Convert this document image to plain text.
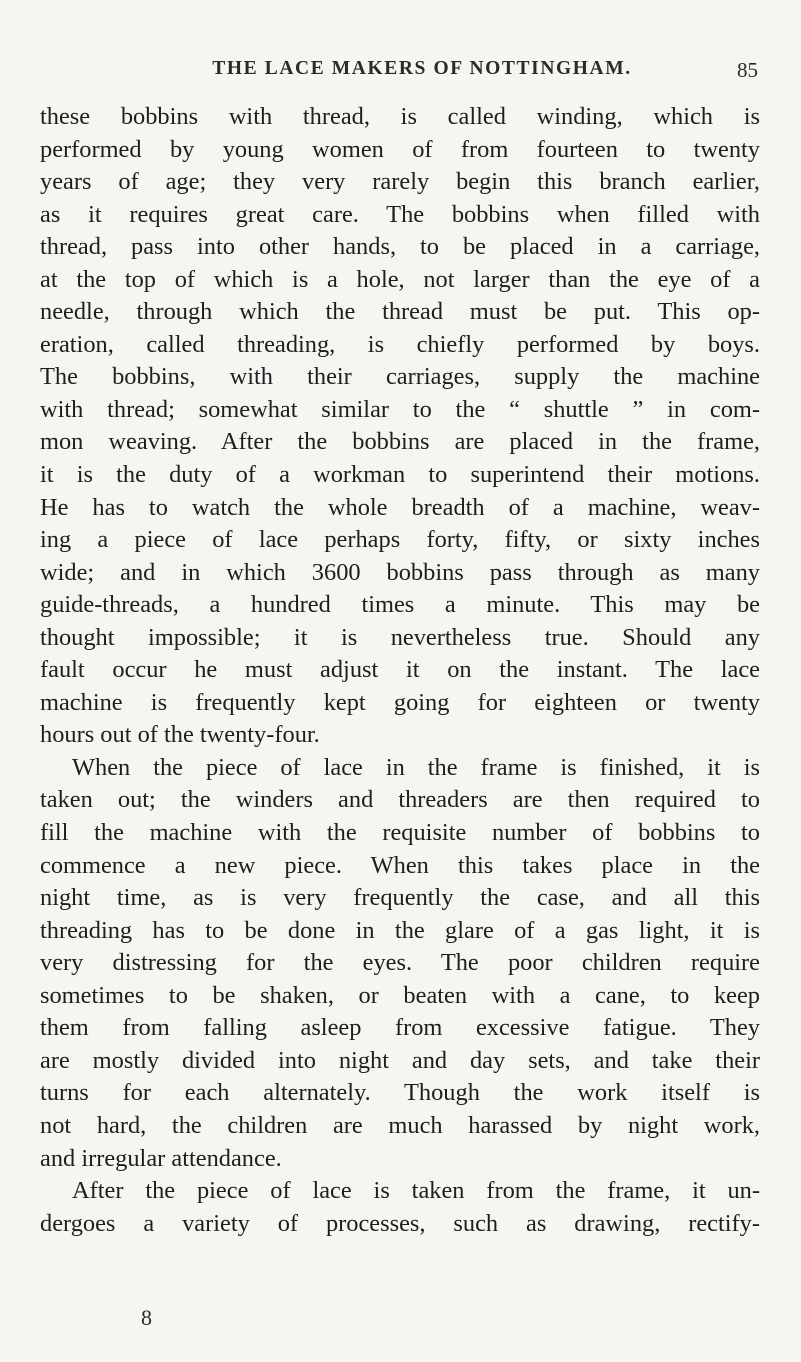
THE LACE MAKERS OF NOTTINGHAM.	85
these bobbins with thread, is called winding, which is
performed by young women of from fourteen to twenty
years of age; they very rarely begin this branch earlier,
as it requires great care. The bobbins when filled with
thread, pass into other hands, to be placed in a carriage,
at the top of which is a hole, not larger than the eye of a
needle, through which the thread must be put. This op-
eration, called threading, is chiefly performed by boys.
The bobbins, with their carriages, supply the machine
with thread; somewhat similar to the “ shuttle ” in com-
mon weaving. After the bobbins are placed in the frame,
it is the duty of a workman to superintend their motions.
He has to watch the whole breadth of a machine, weav-
ing a piece of lace perhaps forty, fifty, or sixty inches
wide; and in which 3600 bobbins pass through as many
guide-threads, a hundred times a minute. This may be
thought impossible; it is nevertheless true. Should any
fault occur he must adjust it on the instant. The lace
machine is frequently kept going for eighteen or twenty
hours out of the twenty-four.
When the piece of lace in the frame is finished, it is
taken out; the winders and threaders are then required to
fill the machine with the requisite number of bobbins to
commence a new piece. When this takes place in the
night time, as is very frequently the case, and all this
threading has to be done in the glare of a gas light, it is
very distressing for the eyes. The poor children require
sometimes to be shaken, or beaten with a cane, to keep
them from falling asleep from excessive fatigue. They
are mostly divided into night and day sets, and take their
turns for each alternately. Though the work itself is
not hard, the children are much harassed by night work,
and irregular attendance.
After the piece of lace is taken from the frame, it un-
dergoes a variety of processes, such as drawing, rectify-
8
